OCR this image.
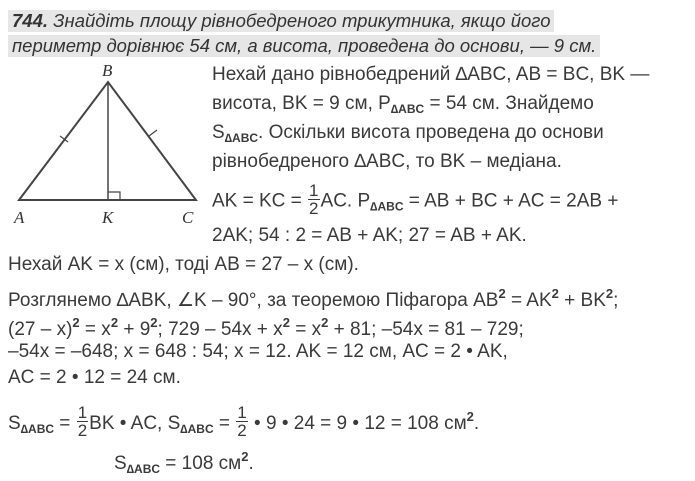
744. Знайдіть площу рівнобедреного трикутника, якщо його
периметр дорівнює 54 см, а висота, проведена до основи, — 9 см.
B
A	K	C
Нехай дано рівнобедрений ∆ABC, AB = BC, BK —
висота, BK = 9 см, $P_{\Delta ABC} = 54$ см. Знайдемо
$S_{\Delta ABC}$. Оскільки висота проведена до основи
рівнобедреного ∆ABC, то BK – медіана.
AK = KC = $\frac{1}{2}$ AC. $P_{\Delta ABC}$ = AB + BC + AC = 2AB +
2AK; 54 : 2 = AB + AK; 27 = AB + AK.
Нехай AK = x (см), тоді AB = 27 – x (см).
Розглянемо ∆ABK, ∠K – 90°, за теоремою Піфагора $AB^2 = AK^2 + BK^2$;
$(27 - x)^2 = x^2 + 9^2$; $729 - 54x + x^2 = x^2 + 81$; –54x = 81 – 729;
–54x = –648; x = 648 : 54; x = 12. AK = 12 см, AC = 2 • AK,
AC = 2 • 12 = 24 см.
$S_{\Delta ABC} = \frac{1}{2}$ BK • AC, $S_{\Delta ABC} = \frac{1}{2}$ • 9 • 24 = 9 • 12 = 108 $см^2$.
$S_{\Delta ABC} = 108$ $см^2$.
